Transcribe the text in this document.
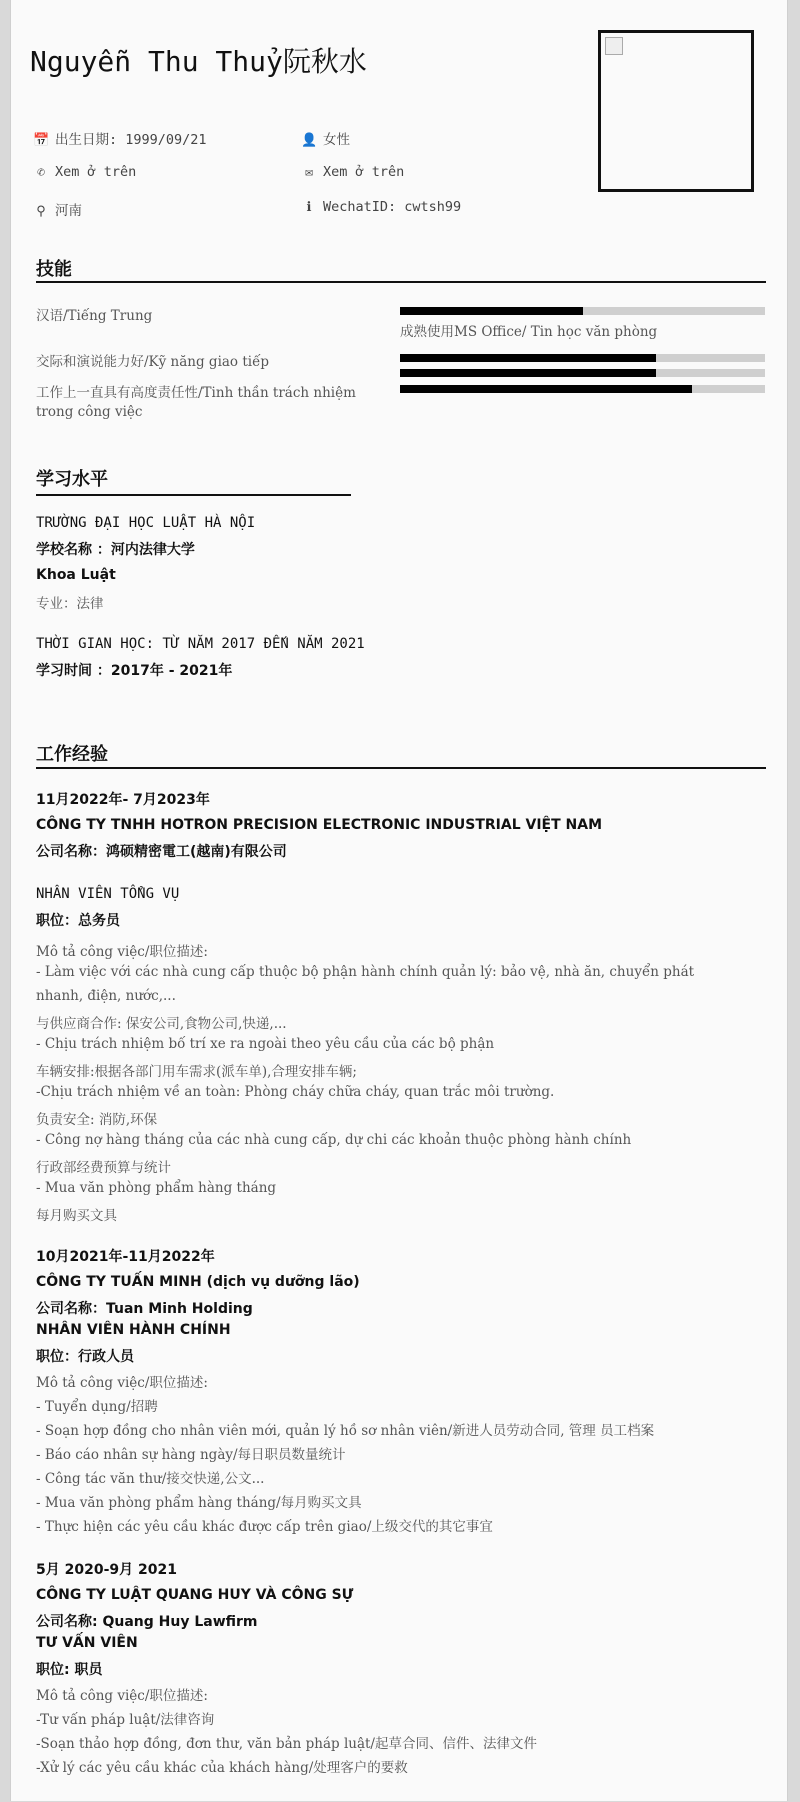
Nguyễn Thu Thuỷ阮秋水
📅 出生日期: 1999/09/21	👤 女性
✆ Xem ở trên	✉ Xem ở trên
⚲ 河南	ℹ WechatID: cwtsh99
技能
汉语/Tiếng Trung
交际和演说能力好/Kỹ năng giao tiếp
工作上一直具有高度责任性/Tinh thần trách nhiệm
trong công việc
成熟使用MS Office/ Tin học văn phòng
学习水平
TRƯỜNG ĐẠI HỌC LUẬT HÀ NỘI
学校名称 ：河内法律大学
Khoa Luật
专业：法律
THỜI GIAN HỌC: TỪ NĂM 2017 ĐẾN NĂM 2021
学习时间 ：2017年 - 2021年
工作经验
11月2022年- 7月2023年
CÔNG TY TNHH HOTRON PRECISION ELECTRONIC INDUSTRIAL VIỆT NAM
公司名称：鸿硕精密電工(越南)有限公司
NHÂN VIÊN TỔNG VỤ
职位：总务员
Mô tả công việc/职位描述:
- Làm việc với các nhà cung cấp thuộc bộ phận hành chính quản lý: bảo vệ, nhà ăn, chuyển phát
nhanh, điện, nước,...
与供应商合作: 保安公司,食物公司,快递,...
- Chịu trách nhiệm bố trí xe ra ngoài theo yêu cầu của các bộ phận
车辆安排:根据各部门用车需求(派车单),合理安排车辆;
-Chịu trách nhiệm về an toàn: Phòng cháy chữa cháy, quan trắc môi trường.
负责安全: 消防,环保
- Công nợ hàng tháng của các nhà cung cấp, dự chi các khoản thuộc phòng hành chính
行政部经费预算与统计
- Mua văn phòng phẩm hàng tháng
每月购买文具
10月2021年-11月2022年
CÔNG TY TUẤN MINH (dịch vụ dưỡng lão)
公司名称：Tuan Minh Holding
NHÂN VIÊN HÀNH CHÍNH
职位：行政人员
Mô tả công việc/职位描述:
- Tuyển dụng/招聘
- Soạn hợp đồng cho nhân viên mới, quản lý hồ sơ nhân viên/新进人员劳动合同, 管理 员工档案
- Báo cáo nhân sự hàng ngày/每日职员数量统计
- Công tác văn thư/接交快递,公文...
- Mua văn phòng phẩm hàng tháng/每月购买文具
- Thực hiện các yêu cầu khác được cấp trên giao/上级交代的其它事宜
5月 2020-9月 2021
CÔNG TY LUẬT QUANG HUY VÀ CÔNG SỰ
公司名称: Quang Huy Lawfirm
TƯ VẤN VIÊN
职位: 职员
Mô tả công việc/职位描述:
-Tư vấn pháp luật/法律咨询
-Soạn thảo hợp đồng, đơn thư, văn bản pháp luật/起草合同、信件、法律文件
-Xử lý các yêu cầu khác của khách hàng/处理客户的要救
